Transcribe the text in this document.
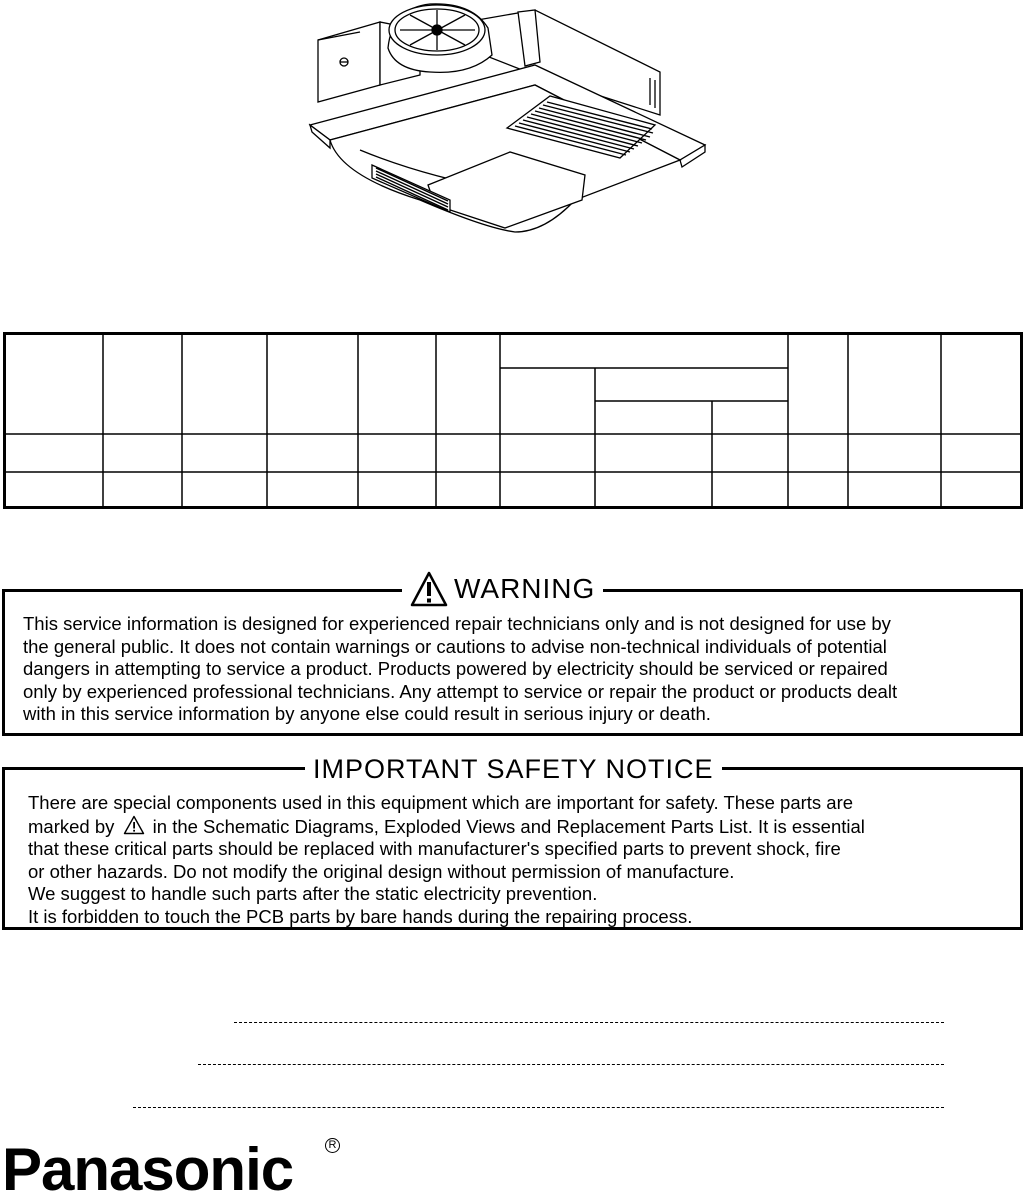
WARNING
This service information is designed for experienced repair technicians only and is not designed for use by
the general public. It does not contain warnings or cautions to advise non-technical individuals of potential
dangers in attempting to service a product. Products powered by electricity should be serviced or repaired
only by experienced professional technicians. Any attempt to service or repair the product or products dealt
with in this service information by anyone else could result in serious injury or death.
IMPORTANT SAFETY NOTICE
There are special components used in this equipment which are important for safety. These parts are
marked by in the Schematic Diagrams, Exploded Views and Replacement Parts List. It is essential
that these critical parts should be replaced with manufacturer's specified parts to prevent shock, fire
or other hazards. Do not modify the original design without permission of manufacture.
We suggest to handle such parts after the static electricity prevention.
It is forbidden to touch the PCB parts by bare hands during the repairing process.
Panasonic	R
